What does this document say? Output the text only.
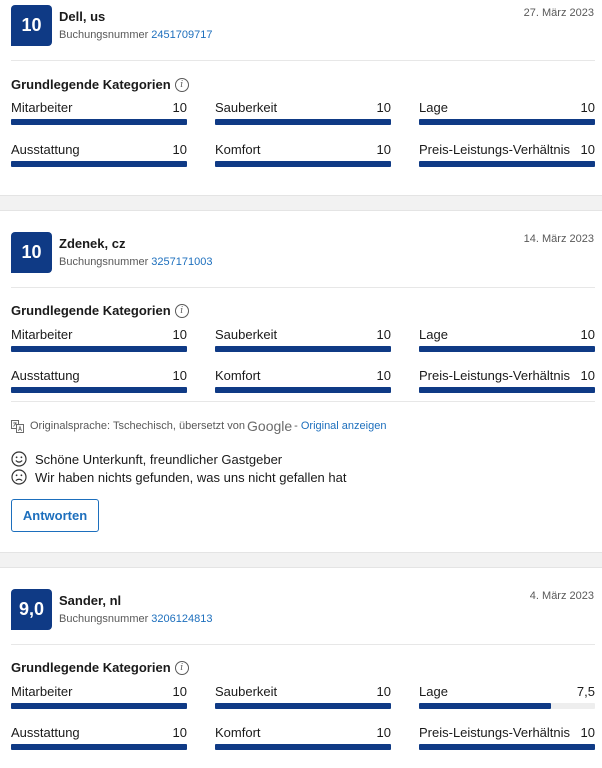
10	Dell, us
Buchungsnummer 2451709717
27. März 2023
Grundlegende Kategorien	i
Mitarbeiter	10 Sauberkeit	10 Lage	10
Ausstattung	10 Komfort	10 Preis-Leistungs-Verhältnis 10
10	Zdenek, cz
Buchungsnummer 3257171003
14. März 2023
Grundlegende Kategorien	i
Mitarbeiter	10 Sauberkeit	10 Lage	10
Ausstattung	10 Komfort	10 Preis-Leistungs-Verhältnis 10
Originalsprache: Tschechisch, übersetzt von Google - Original anzeigen
Schöne Unterkunft, freundlicher Gastgeber
Wir haben nichts gefunden, was uns nicht gefallen hat
Antworten
9,0	Sander, nl
Buchungsnummer 3206124813
4. März 2023
Grundlegende Kategorien	i
Mitarbeiter	10 Sauberkeit	10 Lage	7,5
Ausstattung	10 Komfort	10 Preis-Leistungs-Verhältnis 10
